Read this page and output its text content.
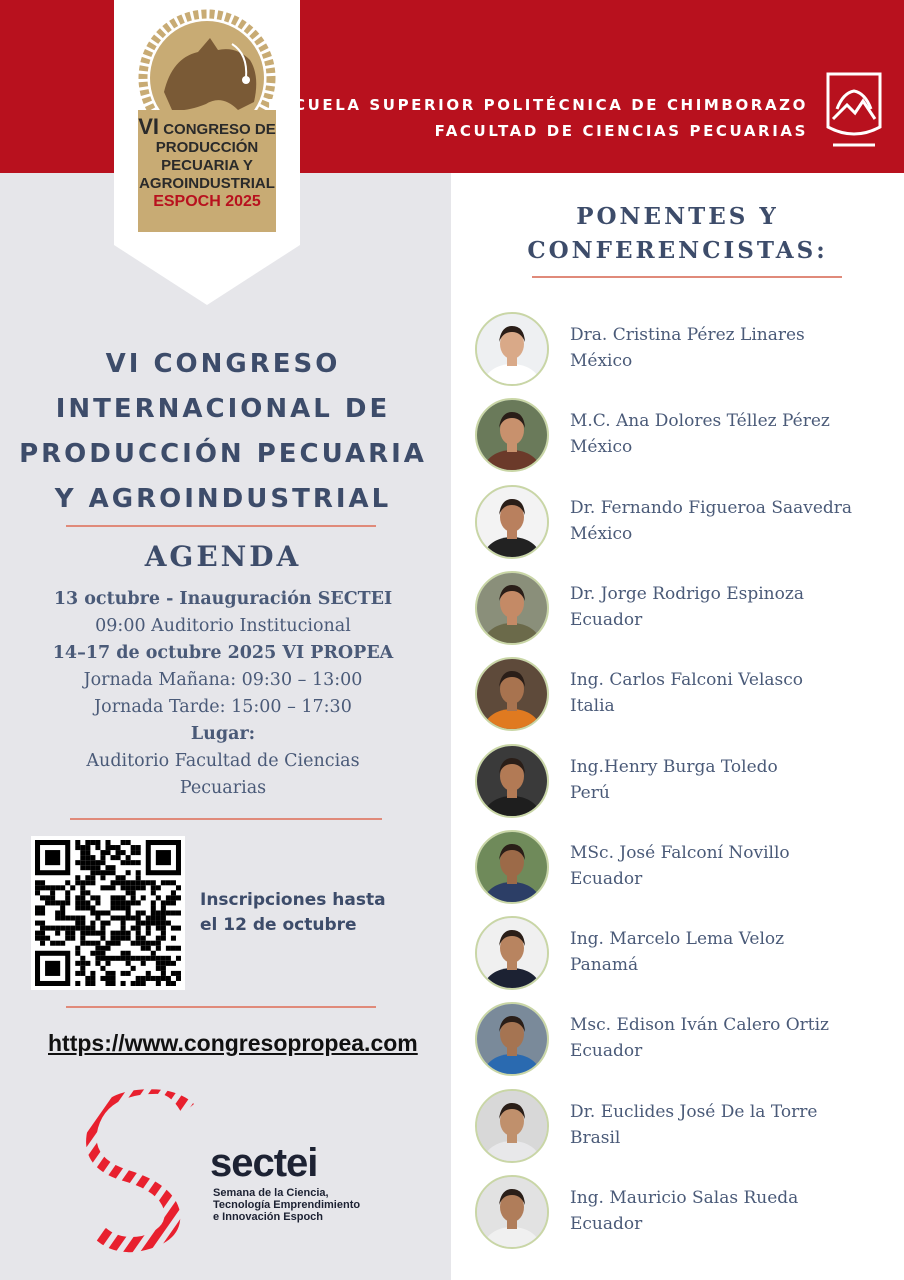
VI CONGRESO DE
PRODUCCIÓN
PECUARIA Y
AGROINDUSTRIAL
ESPOCH 2025
ESCUELA SUPERIOR POLITÉCNICA DE CHIMBORAZO
FACULTAD DE CIENCIAS PECUARIAS
VI CONGRESO
INTERNACIONAL DE
PRODUCCIÓN PECUARIA
Y AGROINDUSTRIAL
AGENDA
13 octubre - Inauguración SECTEI
09:00 Auditorio Institucional
14–17 de octubre 2025 VI PROPEA
Jornada Mañana: 09:30 – 13:00
Jornada Tarde: 15:00 – 17:30
Lugar:
Auditorio Facultad de Ciencias
Pecuarias
Inscripciones hasta
el 12 de octubre
https://www.congresopropea.com
sectei
Semana de la Ciencia,
Tecnología Emprendimiento
e Innovación Espoch
PONENTES Y
CONFERENCISTAS:
Dra. Cristina Pérez Linares
México
M.C. Ana Dolores Téllez Pérez
México
Dr. Fernando Figueroa Saavedra
México
Dr. Jorge Rodrigo Espinoza
Ecuador
Ing. Carlos Falconi Velasco
Italia
Ing.Henry Burga Toledo
Perú
MSc. José Falconí Novillo
Ecuador
Ing. Marcelo Lema Veloz
Panamá
Msc. Edison Iván Calero Ortiz
Ecuador
Dr. Euclides José De la Torre
Brasil
Ing. Mauricio Salas Rueda
Ecuador
